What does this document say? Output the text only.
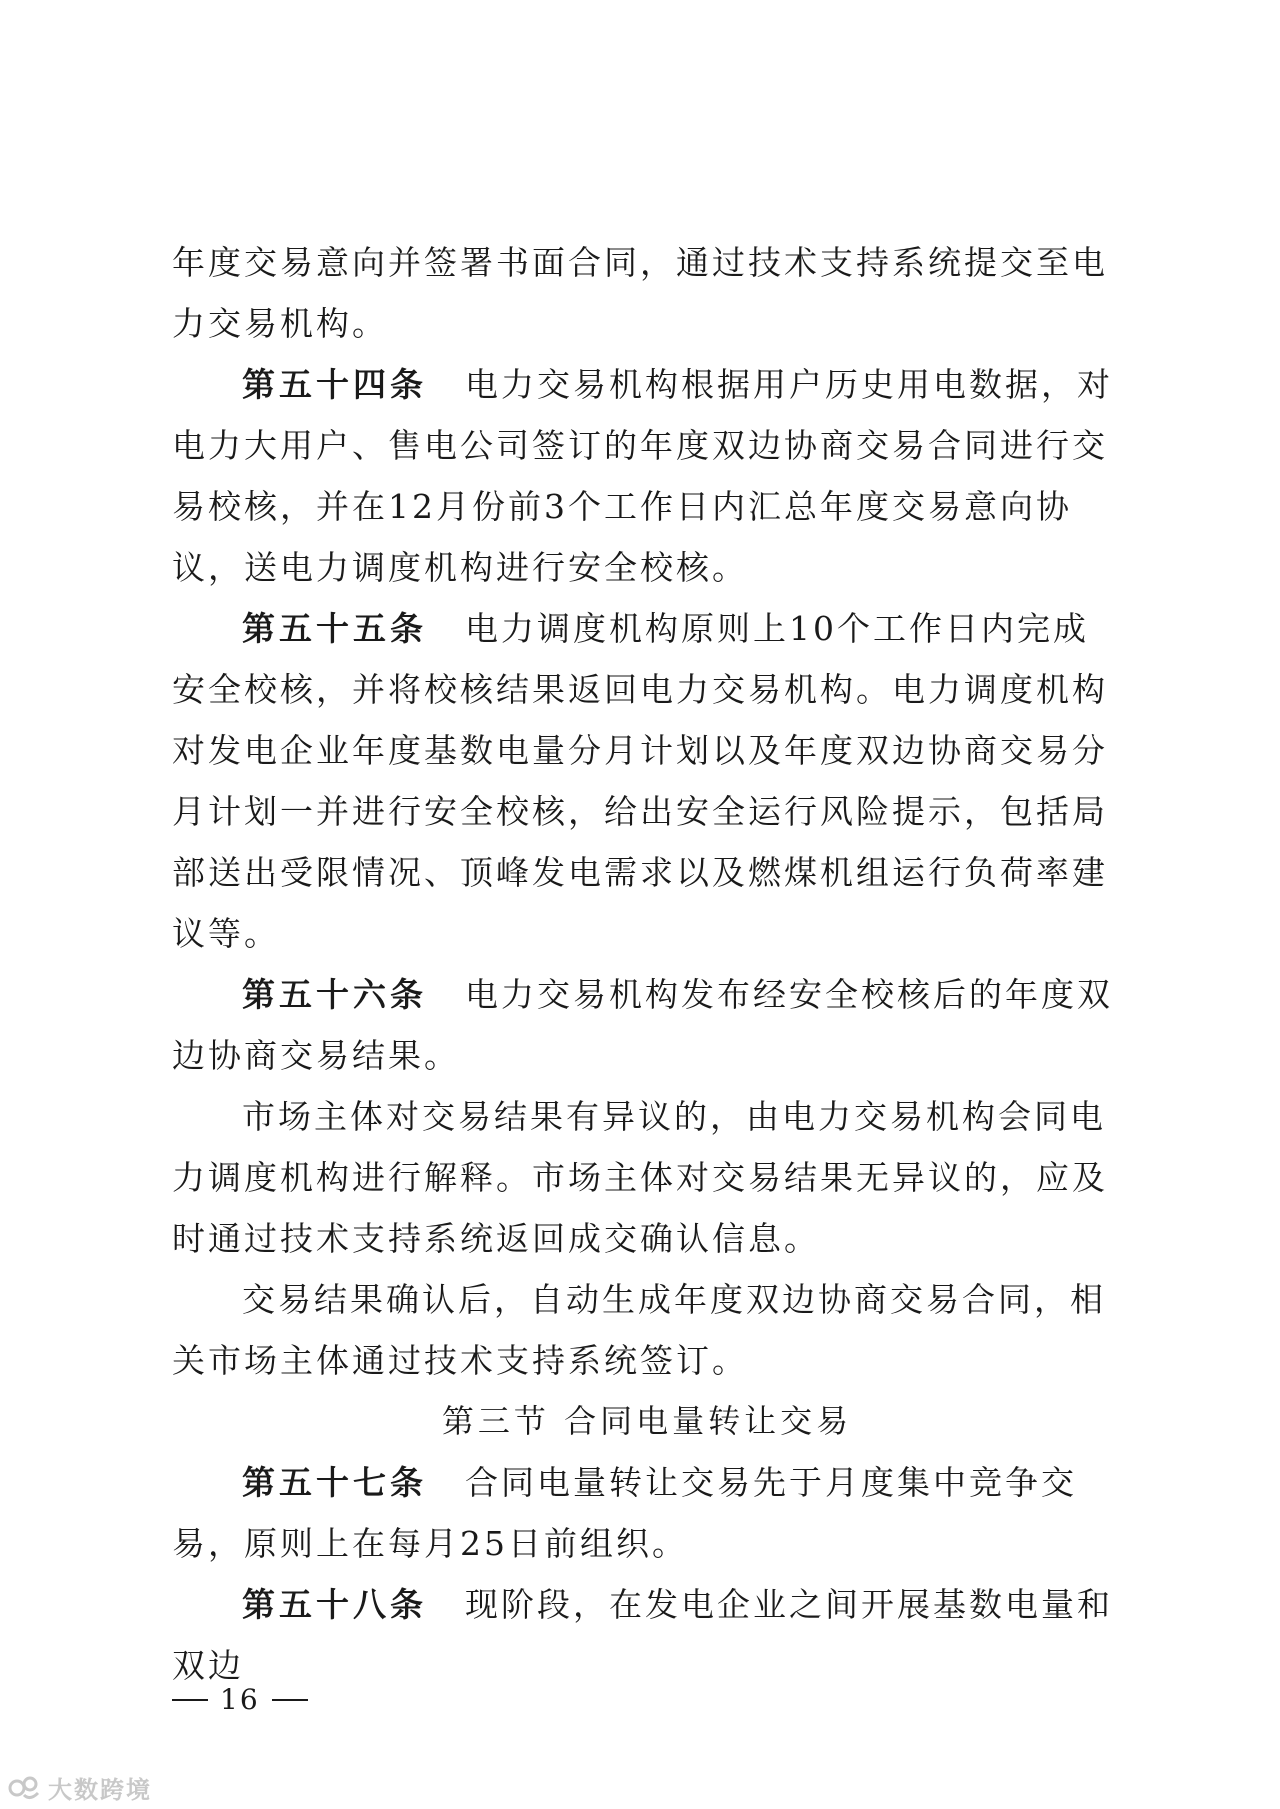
年度交易意向并签署书面合同，通过技术支持系统提交至电力交易机构。

第五十四条 电力交易机构根据用户历史用电数据，对电力大用户、售电公司签订的年度双边协商交易合同进行交易校核，并在12月份前3个工作日内汇总年度交易意向协议，送电力调度机构进行安全校核。

第五十五条 电力调度机构原则上10个工作日内完成安全校核，并将校核结果返回电力交易机构。电力调度机构对发电企业年度基数电量分月计划以及年度双边协商交易分月计划一并进行安全校核，给出安全运行风险提示，包括局部送出受限情况、顶峰发电需求以及燃煤机组运行负荷率建议等。

第五十六条 电力交易机构发布经安全校核后的年度双边协商交易结果。

市场主体对交易结果有异议的，由电力交易机构会同电力调度机构进行解释。市场主体对交易结果无异议的，应及时通过技术支持系统返回成交确认信息。

交易结果确认后，自动生成年度双边协商交易合同，相关市场主体通过技术支持系统签订。

第三节 合同电量转让交易

第五十七条 合同电量转让交易先于月度集中竞争交易，原则上在每月25日前组织。

第五十八条 现阶段，在发电企业之间开展基数电量和双边

16
大数跨境
